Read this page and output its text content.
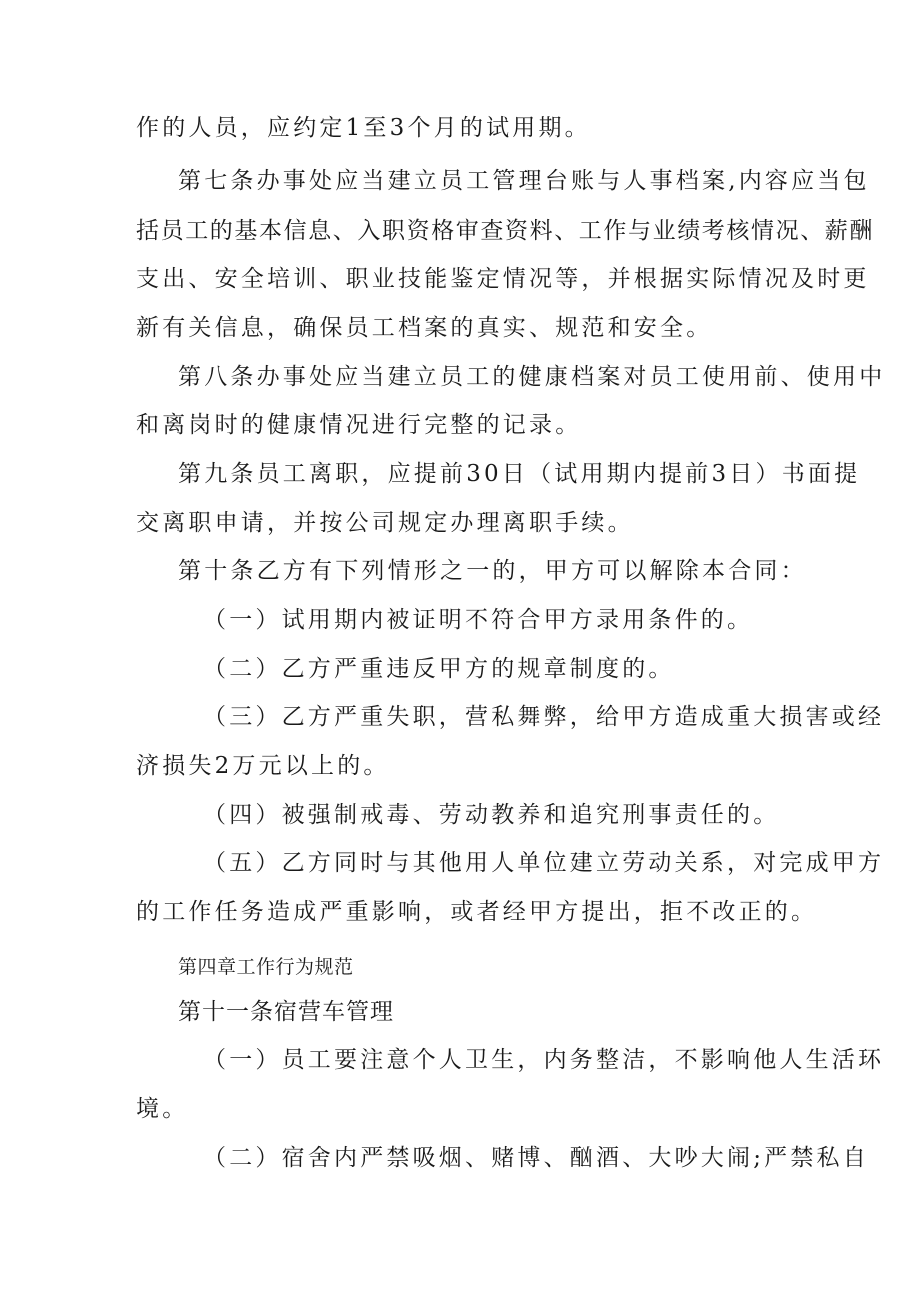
作的人员，应约定1至3个月的试用期。
第七条办事处应当建立员工管理台账与人事档案,内容应当包
括员工的基本信息、入职资格审查资料、工作与业绩考核情况、薪酬
支出、安全培训、职业技能鉴定情况等，并根据实际情况及时更
新有关信息，确保员工档案的真实、规范和安全。
第八条办事处应当建立员工的健康档案对员工使用前、使用中
和离岗时的健康情况进行完整的记录。
第九条员工离职，应提前30日（试用期内提前3日）书面提
交离职申请，并按公司规定办理离职手续。
第十条乙方有下列情形之一的，甲方可以解除本合同：
（一）试用期内被证明不符合甲方录用条件的。
（二）乙方严重违反甲方的规章制度的。
（三）乙方严重失职，营私舞弊，给甲方造成重大损害或经
济损失2万元以上的。
（四）被强制戒毒、劳动教养和追究刑事责任的。
（五）乙方同时与其他用人单位建立劳动关系，对完成甲方
的工作任务造成严重影响，或者经甲方提出，拒不改正的。
第四章工作行为规范
第十一条宿营车管理
（一）员工要注意个人卫生，内务整洁，不影响他人生活环
境。
（二）宿舍内严禁吸烟、赌博、酗酒、大吵大闹;严禁私自
